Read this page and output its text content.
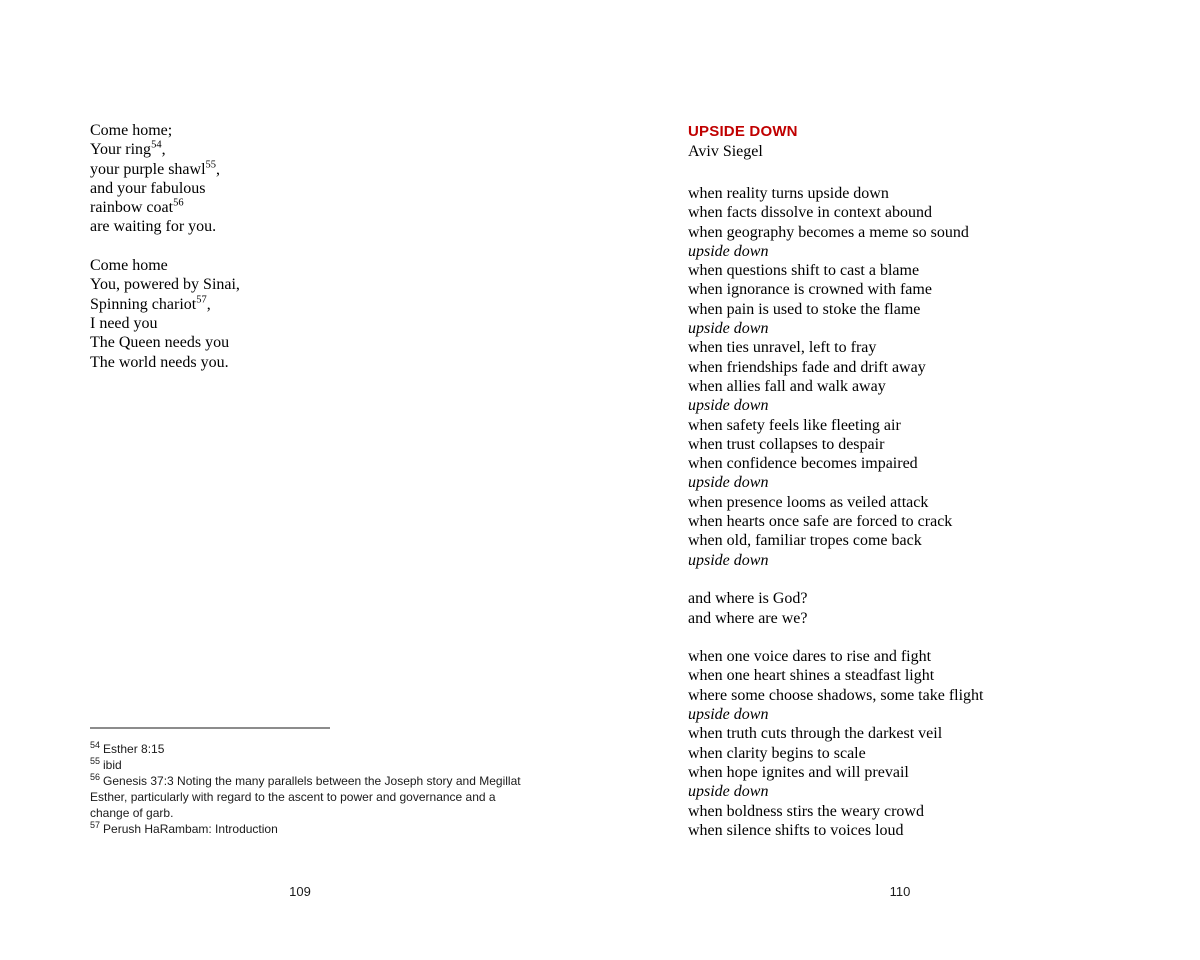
Come home;
Your ring$^{54}$,
your purple shawl$^{55}$,
and your fabulous
rainbow coat$^{56}$
are waiting for you.
Come home
You, powered by Sinai,
Spinning chariot$^{57}$,
I need you
The Queen needs you
The world needs you.
$^{54}$ Esther 8:15
$^{55}$ ibid
$^{56}$ Genesis 37:3 Noting the many parallels between the Joseph story and Megillat Esther, particularly with regard to the ascent to power and governance and a change of garb.
$^{57}$ Perush HaRambam: Introduction
109
UPSIDE DOWN
Aviv Siegel
when reality turns upside down
when facts dissolve in context abound
when geography becomes a meme so sound
upside down
when questions shift to cast a blame
when ignorance is crowned with fame
when pain is used to stoke the flame
upside down
when ties unravel, left to fray
when friendships fade and drift away
when allies fall and walk away
upside down
when safety feels like fleeting air
when trust collapses to despair
when confidence becomes impaired
upside down
when presence looms as veiled attack
when hearts once safe are forced to crack
when old, familiar tropes come back
upside down
and where is God?
and where are we?
when one voice dares to rise and fight
when one heart shines a steadfast light
where some choose shadows, some take flight
upside down
when truth cuts through the darkest veil
when clarity begins to scale
when hope ignites and will prevail
upside down
when boldness stirs the weary crowd
when silence shifts to voices loud
110
